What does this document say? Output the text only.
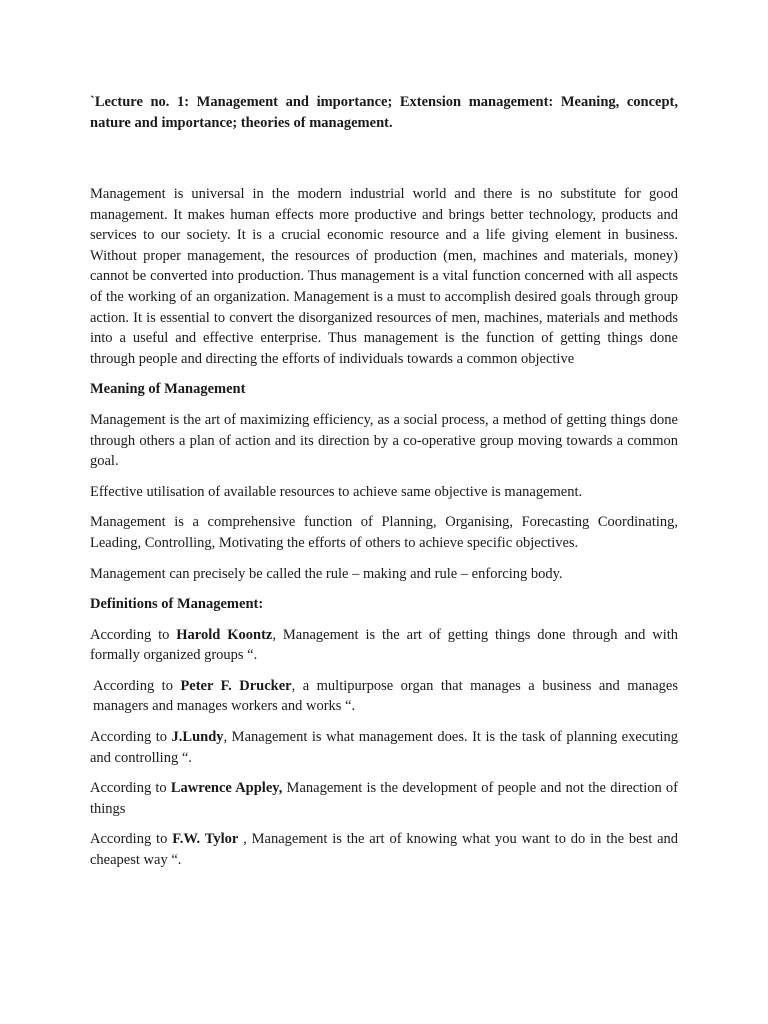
`Lecture no. 1: Management and importance; Extension management: Meaning, concept, nature and importance; theories of management.

Management is universal in the modern industrial world and there is no substitute for good management. It makes human effects more productive and brings better technology, products and services to our society. It is a crucial economic resource and a life giving element in business. Without proper management, the resources of production (men, machines and materials, money) cannot be converted into production. Thus management is a vital function concerned with all aspects of the working of an organization. Management is a must to accomplish desired goals through group action. It is essential to convert the disorganized resources of men, machines, materials and methods into a useful and effective enterprise. Thus management is the function of getting things done through people and directing the efforts of individuals towards a common objective

Meaning of Management

Management is the art of maximizing efficiency, as a social process, a method of getting things done through others a plan of action and its direction by a co-operative group moving towards a common goal.

Effective utilisation of available resources to achieve same objective is management.

Management is a comprehensive function of Planning, Organising, Forecasting Coordinating, Leading, Controlling, Motivating the efforts of others to achieve specific objectives.

Management can precisely be called the rule – making and rule – enforcing body.

Definitions of Management:

According to Harold Koontz, Management is the art of getting things done through and with formally organized groups “.

According to Peter F. Drucker, a multipurpose organ that manages a business and manages managers and manages workers and works “.

According to J.Lundy, Management is what management does. It is the task of planning executing and controlling “.

According to Lawrence Appley, Management is the development of people and not the direction of things

According to F.W. Tylor , Management is the art of knowing what you want to do in the best and cheapest way “.
